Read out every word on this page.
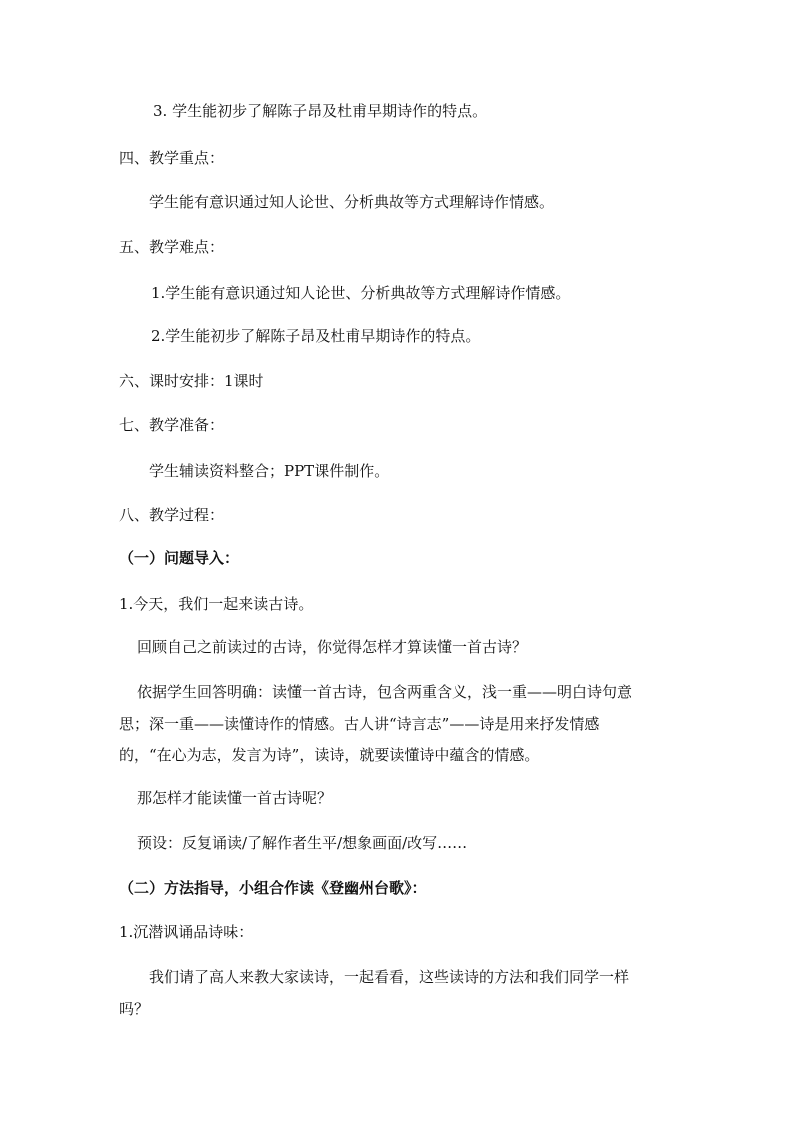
3. 学生能初步了解陈子昂及杜甫早期诗作的特点。
四、教学重点：
学生能有意识通过知人论世、分析典故等方式理解诗作情感。
五、教学难点：
1.学生能有意识通过知人论世、分析典故等方式理解诗作情感。
2.学生能初步了解陈子昂及杜甫早期诗作的特点。
六、课时安排：1课时
七、教学准备：
学生辅读资料整合；PPT课件制作。
八、教学过程：
（一）问题导入：
1.今天，我们一起来读古诗。
回顾自己之前读过的古诗，你觉得怎样才算读懂一首古诗？
依据学生回答明确：读懂一首古诗，包含两重含义，浅一重——明白诗句意
思；深一重——读懂诗作的情感。古人讲“诗言志”——诗是用来抒发情感
的，“在心为志，发言为诗”，读诗，就要读懂诗中蕴含的情感。
那怎样才能读懂一首古诗呢？
预设：反复诵读/了解作者生平/想象画面/改写……
（二）方法指导，小组合作读《登幽州台歌》：
1.沉潜讽诵品诗味：
我们请了高人来教大家读诗，一起看看，这些读诗的方法和我们同学一样
吗？
